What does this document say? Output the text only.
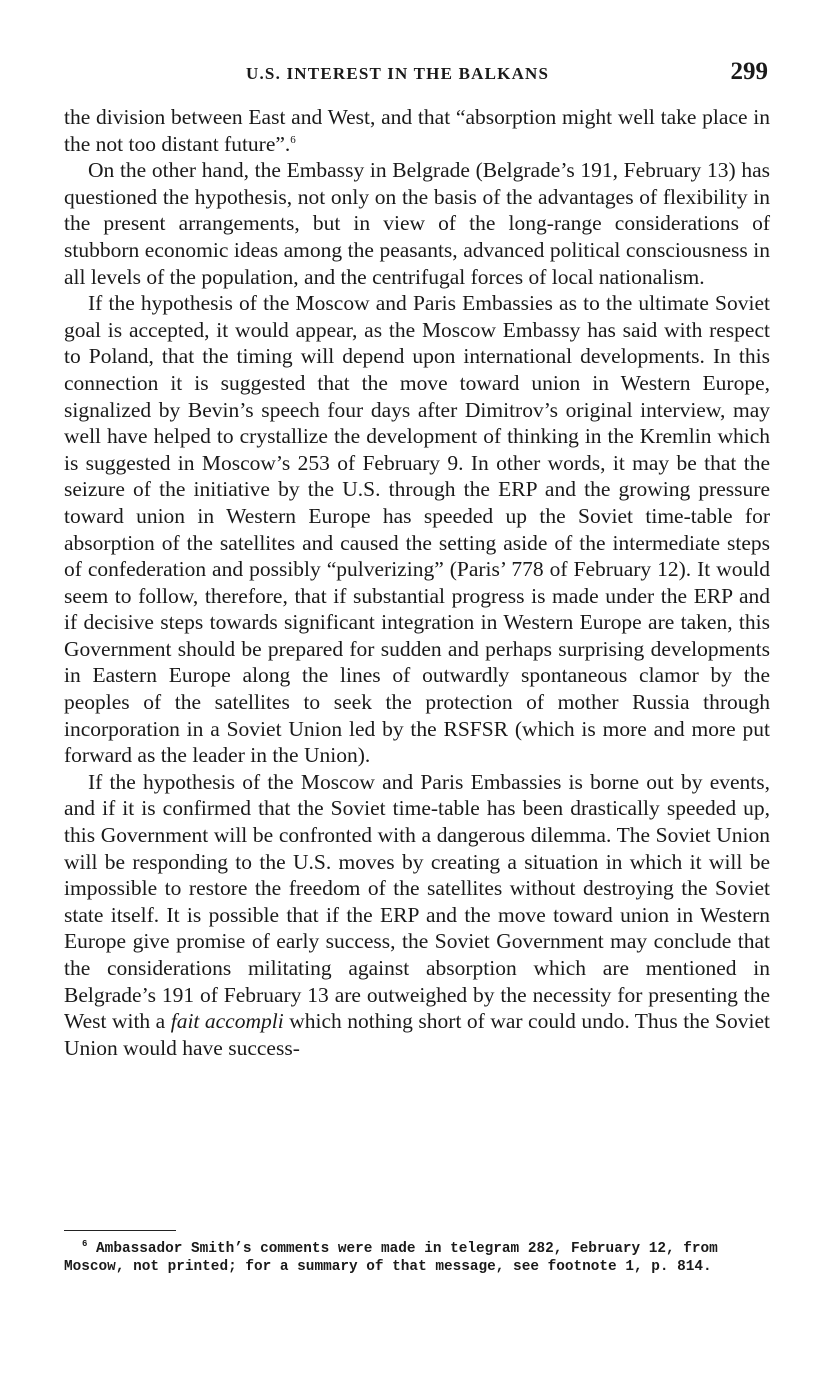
U.S. INTEREST IN THE BALKANS	299

the division between East and West, and that “absorption might well take place in the not too distant future”.$^6$

On the other hand, the Embassy in Belgrade (Belgrade’s 191, February 13) has questioned the hypothesis, not only on the basis of the advantages of flexibility in the present arrangements, but in view of the long-range considerations of stubborn economic ideas among the peasants, advanced political consciousness in all levels of the population, and the centrifugal forces of local nationalism.

If the hypothesis of the Moscow and Paris Embassies as to the ultimate Soviet goal is accepted, it would appear, as the Moscow Embassy has said with respect to Poland, that the timing will depend upon international developments. In this connection it is suggested that the move toward union in Western Europe, signalized by Bevin’s speech four days after Dimitrov’s original interview, may well have helped to crystallize the development of thinking in the Kremlin which is suggested in Moscow’s 253 of February 9. In other words, it may be that the seizure of the initiative by the U.S. through the ERP and the growing pressure toward union in Western Europe has speeded up the Soviet time-table for absorption of the satellites and caused the setting aside of the intermediate steps of confederation and possibly “pulverizing” (Paris’ 778 of February 12). It would seem to follow, therefore, that if substantial progress is made under the ERP and if decisive steps towards significant integration in Western Europe are taken, this Government should be prepared for sudden and perhaps surprising developments in Eastern Europe along the lines of outwardly spontaneous clamor by the peoples of the satellites to seek the protection of mother Russia through incorporation in a Soviet Union led by the RSFSR (which is more and more put forward as the leader in the Union).

If the hypothesis of the Moscow and Paris Embassies is borne out by events, and if it is confirmed that the Soviet time-table has been drastically speeded up, this Government will be confronted with a dangerous dilemma. The Soviet Union will be responding to the U.S. moves by creating a situation in which it will be impossible to restore the freedom of the satellites without destroying the Soviet state itself. It is possible that if the ERP and the move toward union in Western Europe give promise of early success, the Soviet Government may conclude that the considerations militating against absorption which are mentioned in Belgrade’s 191 of February 13 are outweighed by the necessity for presenting the West with a fait accompli which nothing short of war could undo. Thus the Soviet Union would have success-

$^6$ Ambassador Smith’s comments were made in telegram 282, February 12, from Moscow, not printed; for a summary of that message, see footnote 1, p. 814.
